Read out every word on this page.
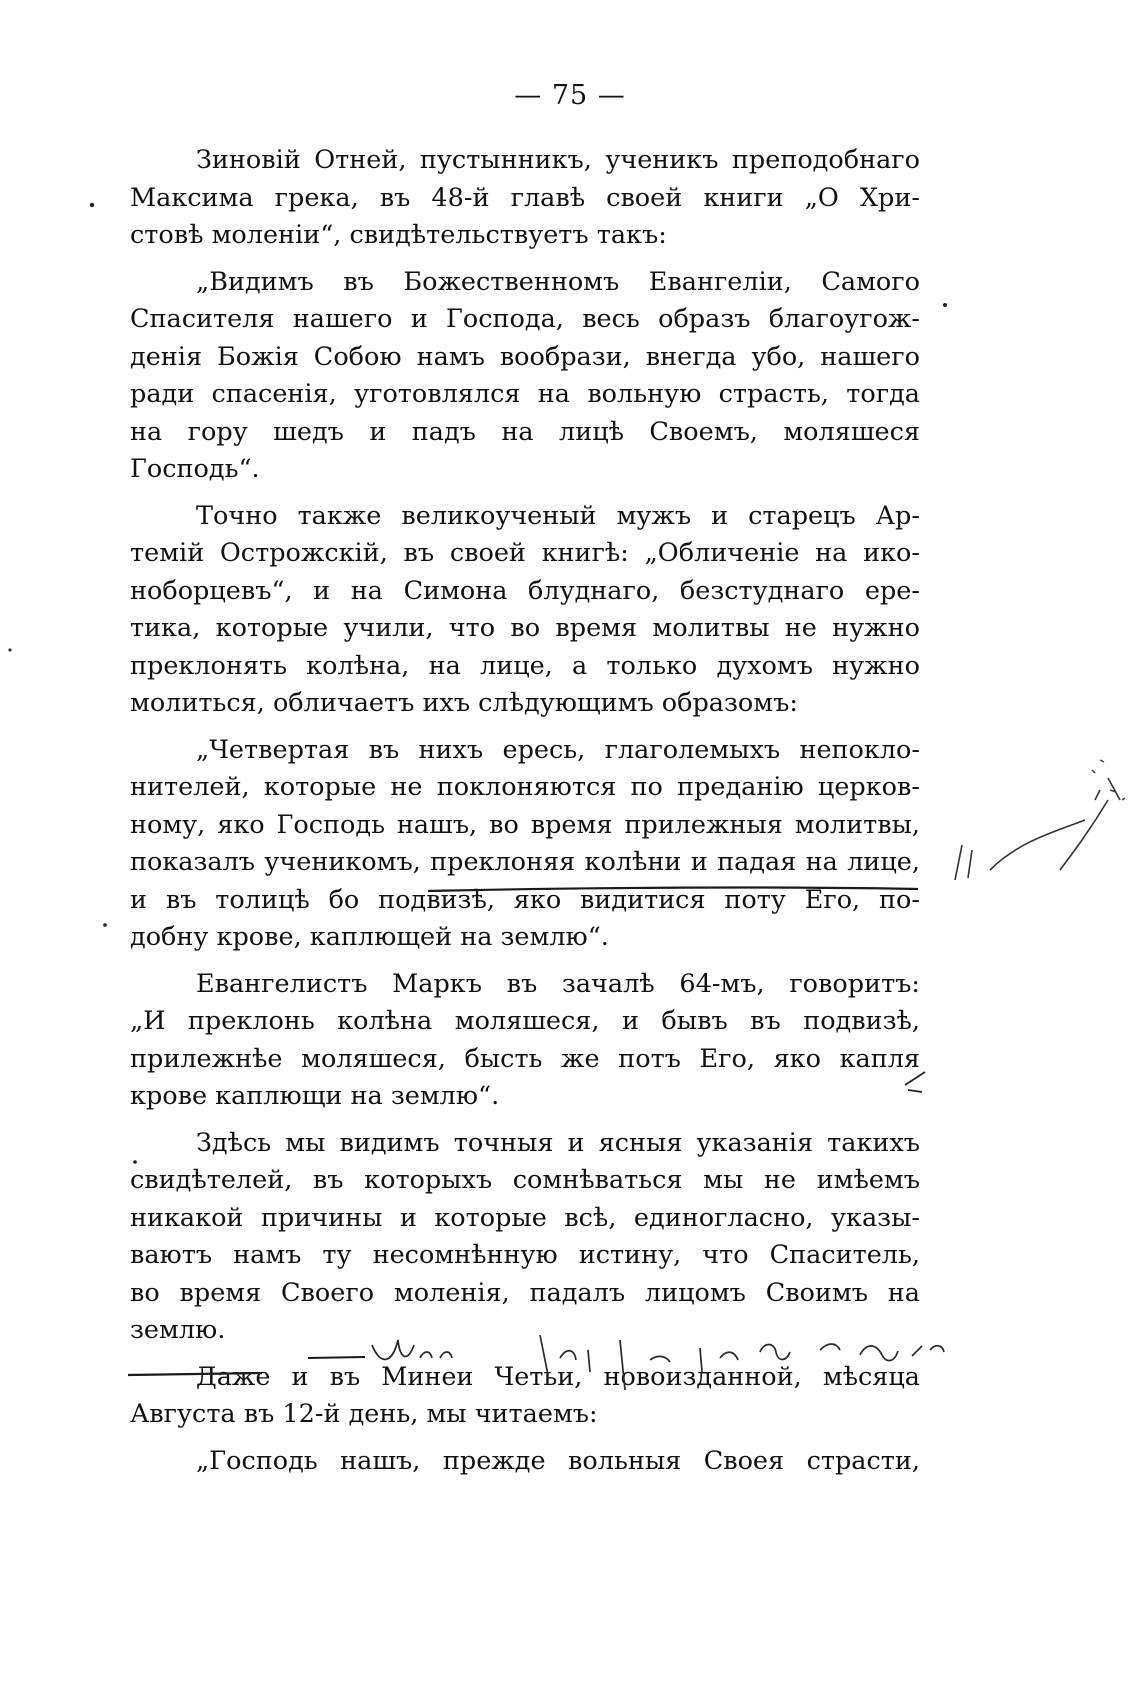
— 75 —
Зиновій Отней, пустынникъ, ученикъ преподобнаго
Максима грека, въ 48-й главѣ своей книги „О Хри-
стовѣ моленіи“, свидѣтельствуетъ такъ:
„Видимъ въ Божественномъ Евангеліи, Самого
Спасителя нашего и Господа, весь образъ благоугож-
денія Божія Собою намъ вообрази, внегда убо, нашего
ради спасенія, уготовлялся на вольную страсть, тогда
на гору шедъ и падъ на лицѣ Своемъ, моляшеся
Господь“.
Точно также великоученый мужъ и старецъ Ар-
темій Острожскій, въ своей книгѣ: „Обличеніе на ико-
ноборцевъ“, и на Симона блуднаго, безстуднаго ере-
тика, которые учили, что во время молитвы не нужно
преклонять колѣна, на лице, а только духомъ нужно
молиться, обличаетъ ихъ слѣдующимъ образомъ:
„Четвертая въ нихъ ересь, глаголемыхъ непокло-
нителей, которые не поклоняются по преданію церков-
ному, яко Господь нашъ, во время прилежныя молитвы,
показалъ ученикомъ, преклоняя колѣни и падая на лице,
и въ толицѣ бо подвизѣ, яко видитися поту Его, по-
добну крове, каплющей на землю“.
Евангелистъ Маркъ въ зачалѣ 64-мъ, говоритъ:
„И преклонь колѣна моляшеся, и бывъ въ подвизѣ,
прилежнѣе моляшеся, бысть же потъ Его, яко капля
крове каплющи на землю“.
Здѣсь мы видимъ точныя и ясныя указанія такихъ
свидѣтелей, въ которыхъ сомнѣваться мы не имѣемъ
никакой причины и которые всѣ, единогласно, указы-
ваютъ намъ ту несомнѣнную истину, что Спаситель,
во время Своего моленія, падалъ лицомъ Своимъ на
землю.
Даже и въ Минеи Четьи, новоизданной, мѣсяца
Августа въ 12-й день, мы читаемъ:
„Господь нашъ, прежде вольныя Своея страсти,
